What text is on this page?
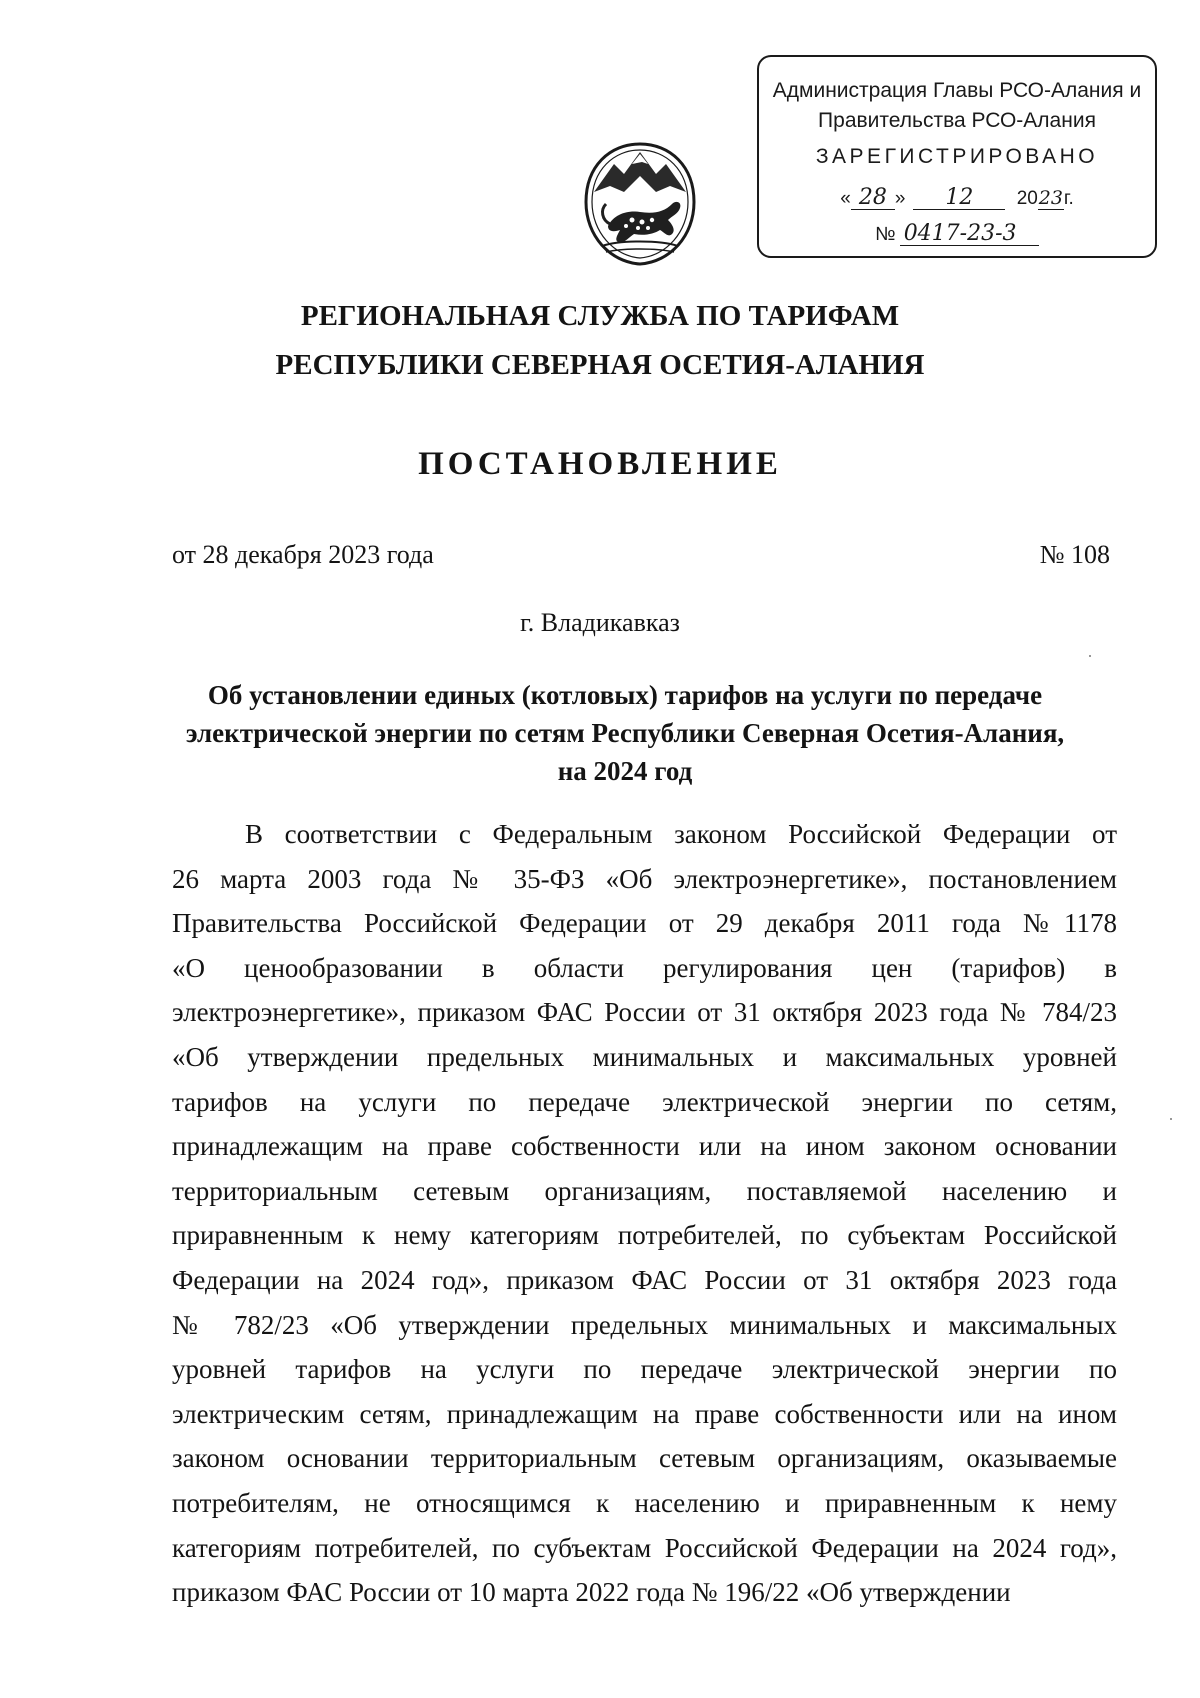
Администрация Главы РСО-Алания и
Правительства РСО-Алания
ЗАРЕГИСТРИРОВАНО
« 28 » 12 2023г.
№ 0417-23-3
РЕГИОНАЛЬНАЯ СЛУЖБА ПО ТАРИФАМ
РЕСПУБЛИКИ СЕВЕРНАЯ ОСЕТИЯ-АЛАНИЯ
ПОСТАНОВЛЕНИЕ
от 28 декабря 2023 года	№ 108
г. Владикавказ
Об установлении единых (котловых) тарифов на услуги по передаче
электрической энергии по сетям Республики Северная Осетия-Алания,
на 2024 год
В соответствии с Федеральным законом Российской Федерации от
26 марта 2003 года № 35-ФЗ «Об электроэнергетике», постановлением
Правительства Российской Федерации от 29 декабря 2011 года №1178
«О ценообразовании в области регулирования цен (тарифов) в
электроэнергетике», приказом ФАС России от 31 октября 2023 года № 784/23
«Об утверждении предельных минимальных и максимальных уровней
тарифов на услуги по передаче электрической энергии по сетям,
принадлежащим на праве собственности или на ином законом основании
территориальным сетевым организациям, поставляемой населению и
приравненным к нему категориям потребителей, по субъектам Российской
Федерации на 2024 год», приказом ФАС России от 31 октября 2023 года
№ 782/23 «Об утверждении предельных минимальных и максимальных
уровней тарифов на услуги по передаче электрической энергии по
электрическим сетям, принадлежащим на праве собственности или на ином
законом основании территориальным сетевым организациям, оказываемые
потребителям, не относящимся к населению и приравненным к нему
категориям потребителей, по субъектам Российской Федерации на 2024 год»,
приказом ФАС России от 10 марта 2022 года № 196/22 «Об утверждении
